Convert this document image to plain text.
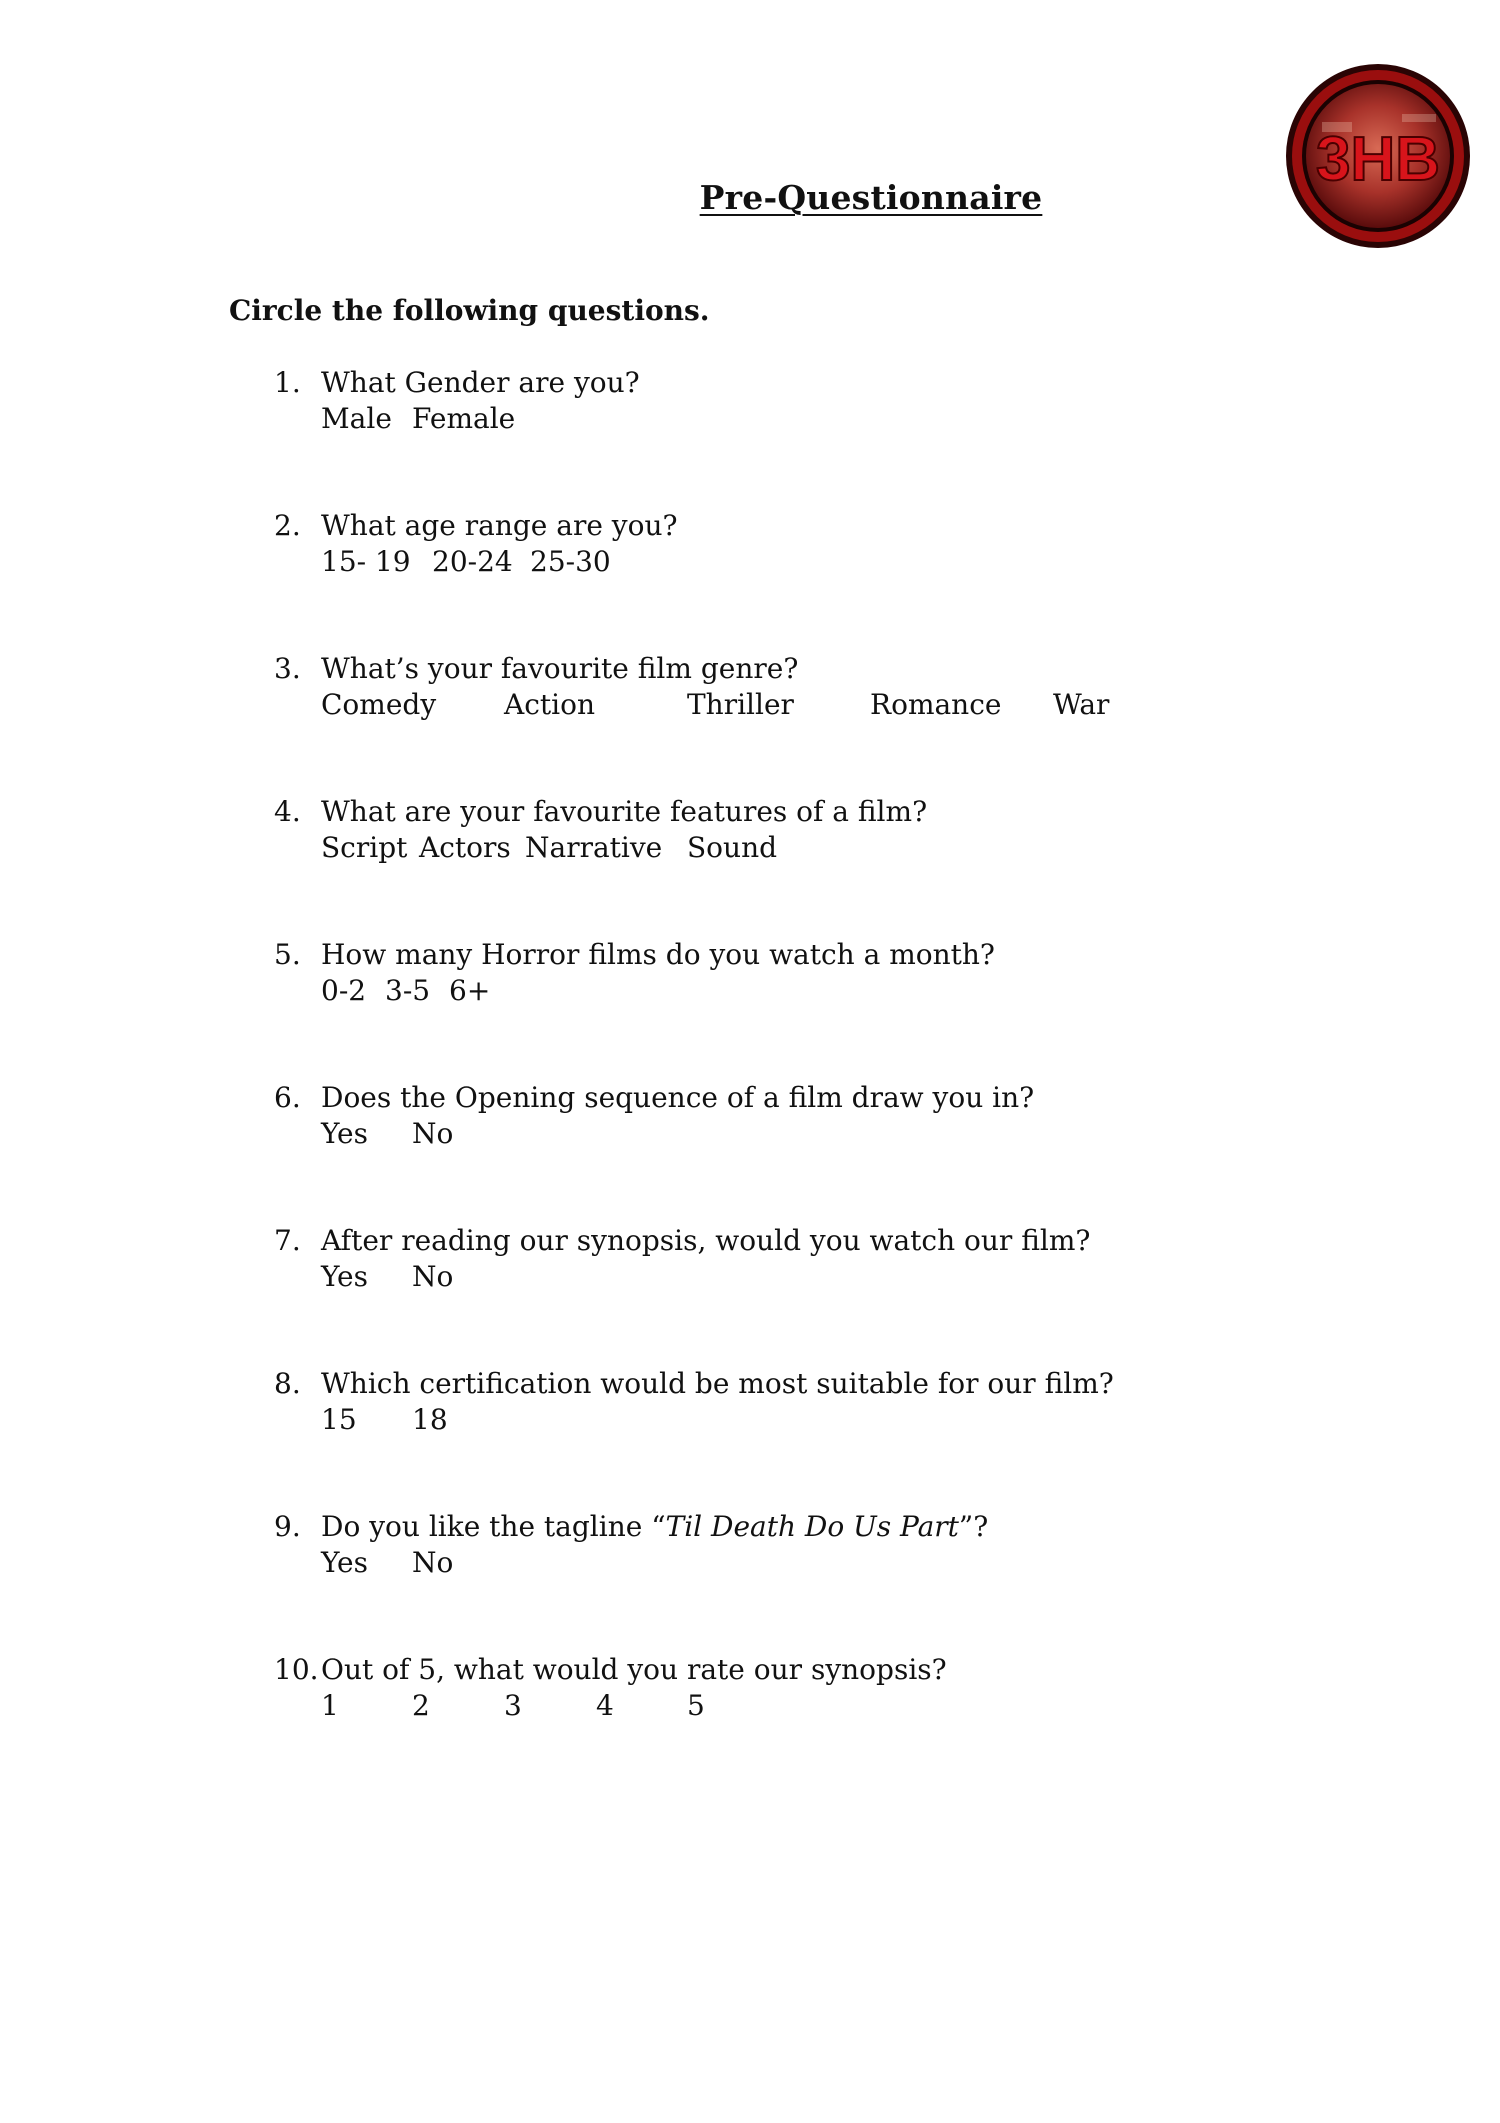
3HB
Pre-Questionnaire
Circle the following questions.
1. What Gender are you?
Male Female
2. What age range are you?
15- 19 20-24 25-30
3. What’s your favourite film genre?
Comedy Action	Thriller	Romance War
4. What are your favourite features of a film?
Script Actors Narrative Sound
5. How many Horror films do you watch a month?
0-2 3-5 6+
6. Does the Opening sequence of a film draw you in?
Yes No
7. After reading our synopsis, would you watch our film?
Yes No
8. Which certification would be most suitable for our film?
15 18
9. Do you like the tagline “Til Death Do Us Part”?
Yes No
10. Out of 5, what would you rate our synopsis?
1	2	3	4	5
